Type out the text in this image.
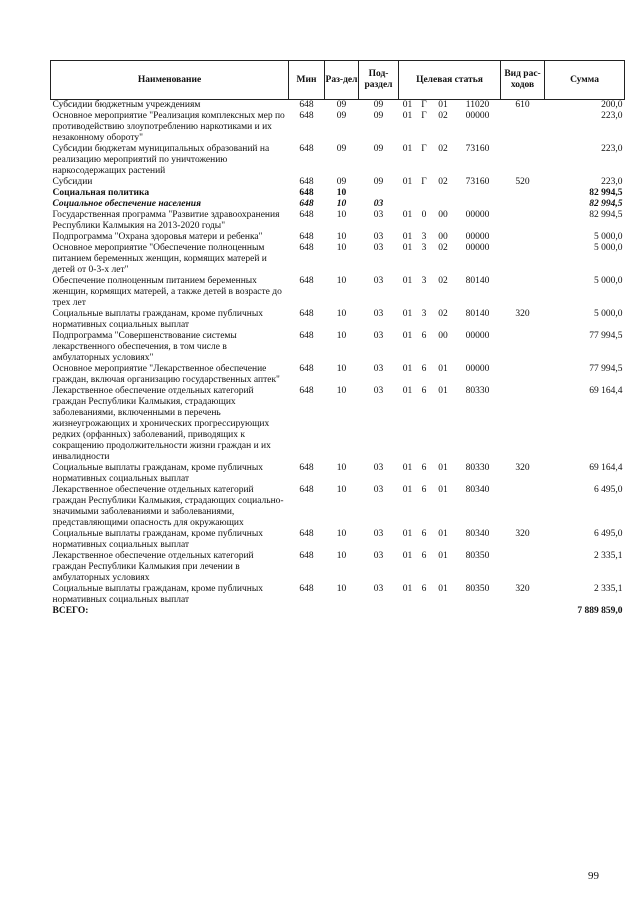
Наименование	Мин	Раз-дел	Под-раздел	Целевая статья				Вид рас-ходов	Сумма
Субсидии бюджетным учреждениям	648	09	09	01	Г	01	11020	610	200,0
Основное мероприятие "Реализация комплексных мер по противодействию злоупотреблению наркотиками и их незаконному обороту"	648	09	09	01	Г	02	00000		223,0
Субсидии бюджетам муниципальных образований на реализацию мероприятий по уничтожению наркосодержащих растений	648	09	09	01	Г	02	73160		223,0
Субсидии	648	09	09	01	Г	02	73160	520	223,0
Социальная политика	648	10							82 994,5
Социальное обеспечение населения	648	10	03						82 994,5
Государственная программа "Развитие здравоохранения Республики Калмыкия на 2013-2020 годы"	648	10	03	01	0	00	00000		82 994,5
Подпрограмма "Охрана здоровья матери и ребенка"	648	10	03	01	3	00	00000		5 000,0
Основное мероприятие "Обеспечение полноценным питанием беременных женщин, кормящих матерей и детей от 0-3-х лет"	648	10	03	01	3	02	00000		5 000,0
Обеспечение полноценным питанием беременных женщин, кормящих матерей, а также детей в возрасте до трех лет	648	10	03	01	3	02	80140		5 000,0
Социальные выплаты гражданам, кроме публичных нормативных социальных выплат	648	10	03	01	3	02	80140	320	5 000,0
Подпрограмма "Совершенствование системы лекарственного обеспечения, в том числе в амбулаторных условиях"	648	10	03	01	6	00	00000		77 994,5
Основное мероприятие "Лекарственное обеспечение граждан, включая организацию государственных аптек"	648	10	03	01	6	01	00000		77 994,5
Лекарственное обеспечение отдельных категорий граждан Республики Калмыкия, страдающих заболеваниями, включенными в перечень жизнеугрожающих и хронических прогрессирующих редких (орфанных) заболеваний, приводящих к сокращению продолжительности жизни граждан и их инвалидности	648	10	03	01	6	01	80330		69 164,4
Социальные выплаты гражданам, кроме публичных нормативных социальных выплат	648	10	03	01	6	01	80330	320	69 164,4
Лекарственное обеспечение отдельных категорий граждан Республики Калмыкия, страдающих социально-значимыми заболеваниями и заболеваниями, представляющими опасность для окружающих	648	10	03	01	6	01	80340		6 495,0
Социальные выплаты гражданам, кроме публичных нормативных социальных выплат	648	10	03	01	6	01	80340	320	6 495,0
Лекарственное обеспечение отдельных категорий граждан Республики Калмыкия при лечении в амбулаторных условиях	648	10	03	01	6	01	80350		2 335,1
Социальные выплаты гражданам, кроме публичных нормативных социальных выплат	648	10	03	01	6	01	80350	320	2 335,1
ВСЕГО:									7 889 859,0
99
